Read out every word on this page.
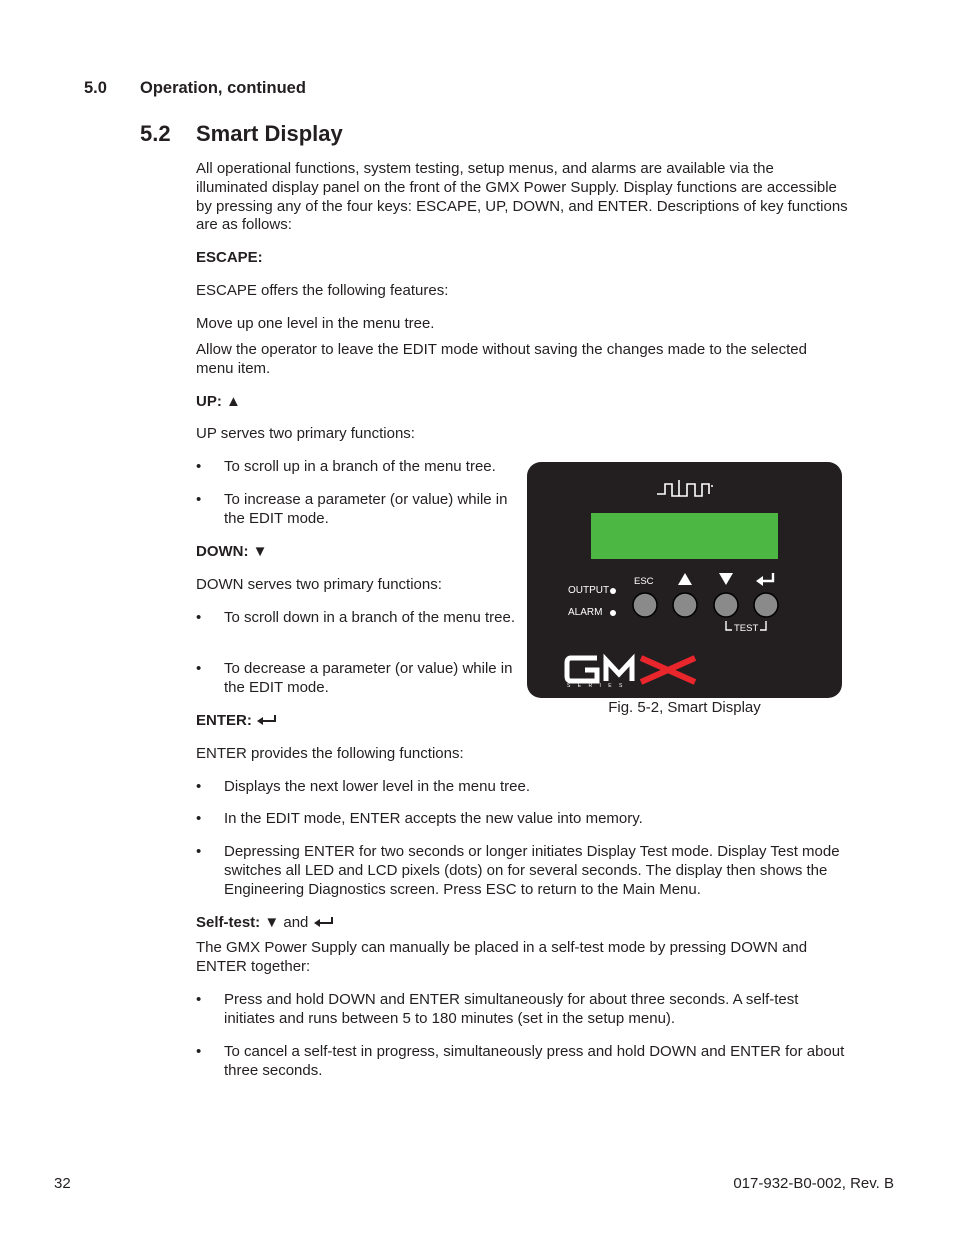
5.0 Operation, continued
5.2 Smart Display
All operational functions, system testing, setup menus, and alarms are available via the illuminated display panel on the front of the GMX Power Supply. Display functions are accessible by pressing any of the four keys: ESCAPE, UP, DOWN, and ENTER. Descriptions of key functions are as follows:
ESCAPE:
ESCAPE offers the following features:
Move up one level in the menu tree.
Allow the operator to leave the EDIT mode without saving the changes made to the selected menu item.
UP: ▲
UP serves two primary functions:
• To scroll up in a branch of the menu tree.
• To increase a parameter (or value) while in the EDIT mode.
DOWN: ▼
DOWN serves two primary functions:
• To scroll down in a branch of the menu tree.
• To decrease a parameter (or value) while in the EDIT mode.
ENTER:
ENTER provides the following functions:
• Displays the next lower level in the menu tree.
• In the EDIT mode, ENTER accepts the new value into memory.
• Depressing ENTER for two seconds or longer initiates Display Test mode. Display Test mode switches all LED and LCD pixels (dots) on for several seconds. The display then shows the Engineering Diagnostics screen. Press ESC to return to the Main Menu.
Self-test: ▼ and
The GMX Power Supply can manually be placed in a self-test mode by pressing DOWN and ENTER together:
• Press and hold DOWN and ENTER simultaneously for about three seconds. A self-test initiates and runs between 5 to 180 minutes (set in the setup menu).
• To cancel a self-test in progress, simultaneously press and hold DOWN and ENTER for about three seconds.
OUTPUT
ALARM
ESC
TEST
S E R I E S
Fig. 5-2, Smart Display
32	017-932-B0-002, Rev. B
